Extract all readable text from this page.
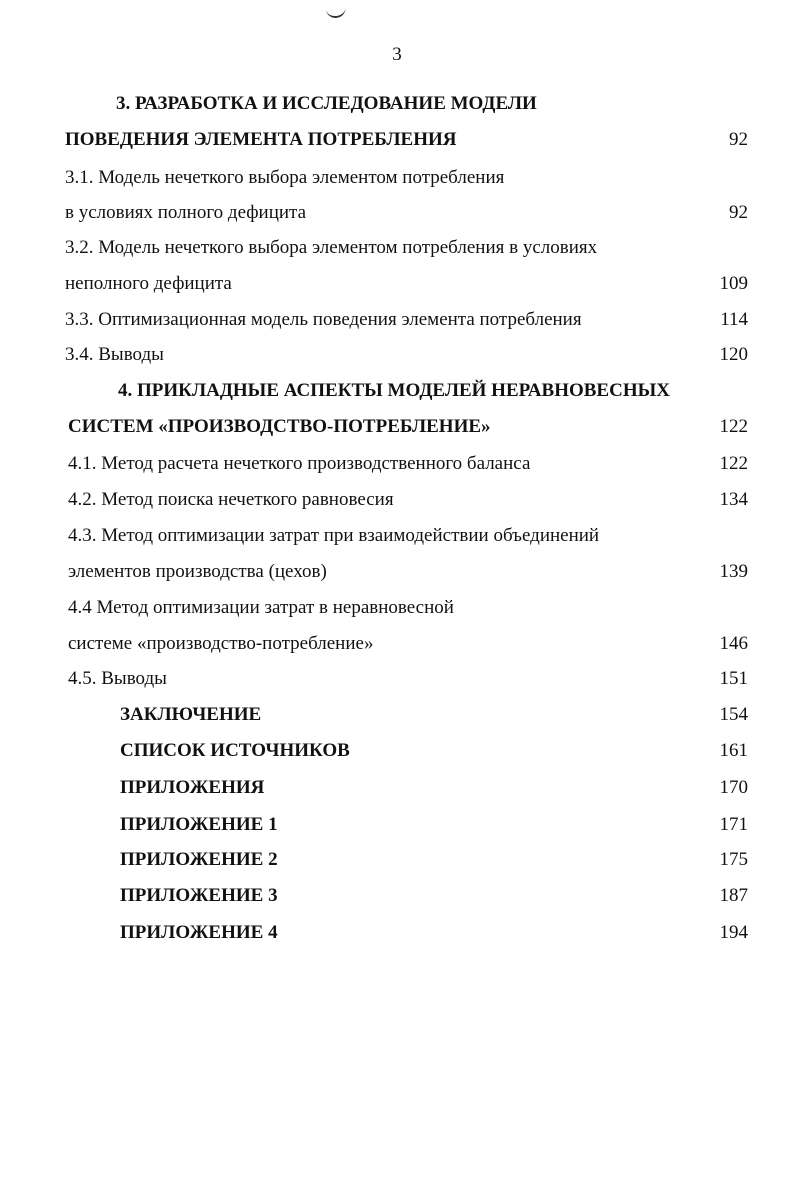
3
3. РАЗРАБОТКА И ИССЛЕДОВАНИЕ МОДЕЛИ
ПОВЕДЕНИЯ ЭЛЕМЕНТА ПОТРЕБЛЕНИЯ	92
3.1. Модель нечеткого выбора элементом потребления
в условиях полного дефицита	92
3.2. Модель нечеткого выбора элементом потребления в условиях
неполного дефицита	109
3.3. Оптимизационная модель поведения элемента потребления	114
3.4. Выводы	120
4. ПРИКЛАДНЫЕ АСПЕКТЫ МОДЕЛЕЙ НЕРАВНОВЕСНЫХ
СИСТЕМ «ПРОИЗВОДСТВО-ПОТРЕБЛЕНИЕ»	122
4.1. Метод расчета нечеткого производственного баланса	122
4.2. Метод поиска нечеткого равновесия	134
4.3. Метод оптимизации затрат при взаимодействии объединений
элементов производства (цехов)	139
4.4 Метод оптимизации затрат в неравновесной
системе «производство-потребление»	146
4.5. Выводы	151
ЗАКЛЮЧЕНИЕ	154
СПИСОК ИСТОЧНИКОВ	161
ПРИЛОЖЕНИЯ	170
ПРИЛОЖЕНИЕ 1	171
ПРИЛОЖЕНИЕ 2	175
ПРИЛОЖЕНИЕ 3	187
ПРИЛОЖЕНИЕ 4	194
